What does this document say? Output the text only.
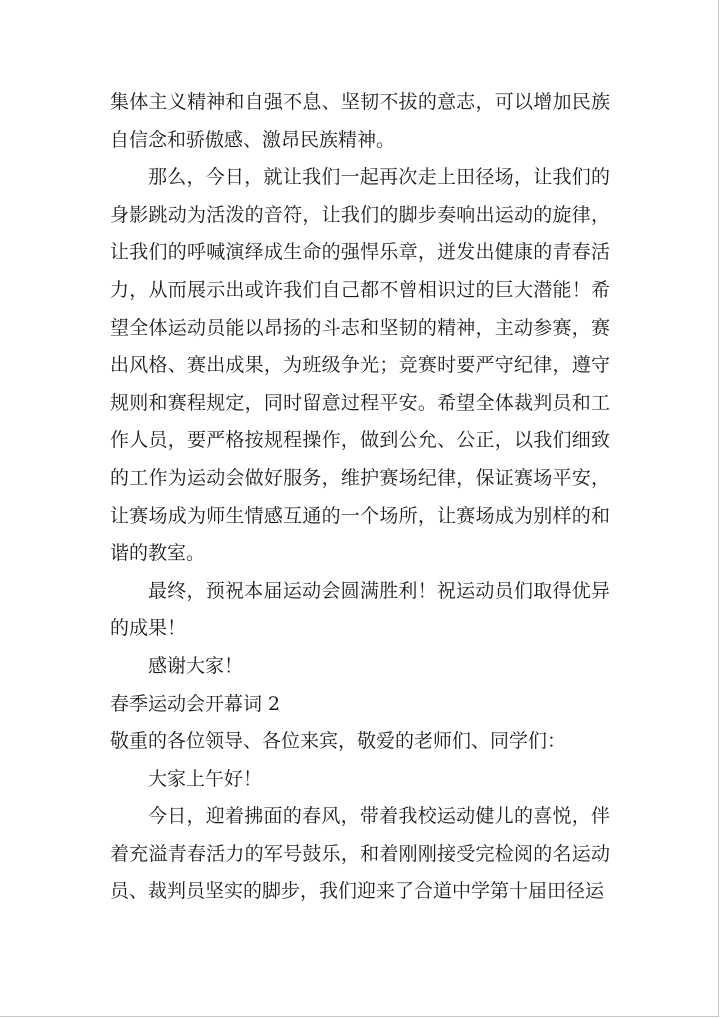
集体主义精神和自强不息、坚韧不拔的意志，可以增加民族自信念和骄傲感、激昂民族精神。

那么，今日，就让我们一起再次走上田径场，让我们的身影跳动为活泼的音符，让我们的脚步奏响出运动的旋律，让我们的呼喊演绎成生命的强悍乐章，迸发出健康的青春活力，从而展示出或许我们自己都不曾相识过的巨大潜能！希望全体运动员能以昂扬的斗志和坚韧的精神，主动参赛，赛出风格、赛出成果，为班级争光；竞赛时要严守纪律，遵守规则和赛程规定，同时留意过程平安。希望全体裁判员和工作人员，要严格按规程操作，做到公允、公正，以我们细致的工作为运动会做好服务，维护赛场纪律，保证赛场平安，让赛场成为师生情感互通的一个场所，让赛场成为别样的和谐的教室。

最终，预祝本届运动会圆满胜利！祝运动员们取得优异的成果！

感谢大家！

春季运动会开幕词 2

敬重的各位领导、各位来宾，敬爱的老师们、同学们：

大家上午好！

今日，迎着拂面的春风，带着我校运动健儿的喜悦，伴着充溢青春活力的军号鼓乐，和着刚刚接受完检阅的名运动员、裁判员坚实的脚步，我们迎来了合道中学第十届田径运
